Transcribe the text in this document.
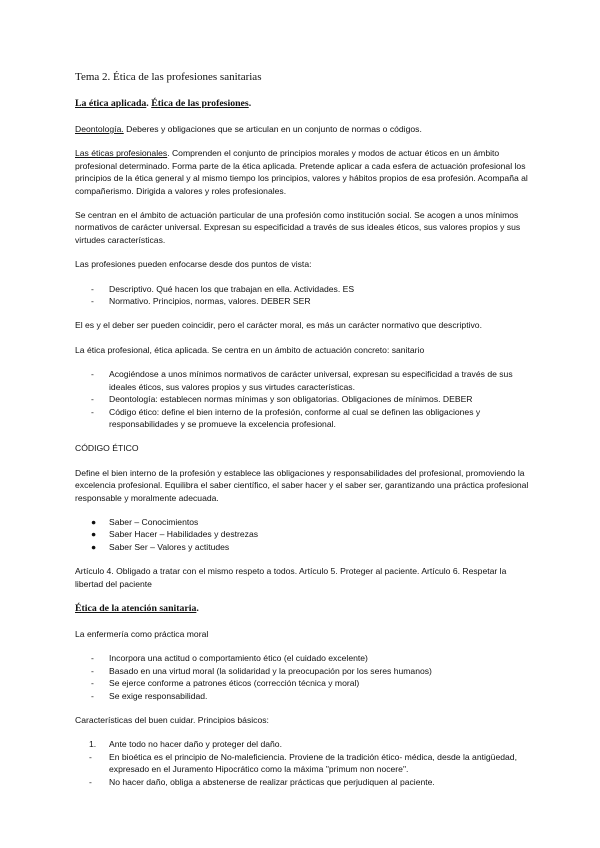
Tema 2. Ética de las profesiones sanitarias
La ética aplicada. Ética de las profesiones.

Deontología. Deberes y obligaciones que se articulan en un conjunto de normas o códigos.

Las éticas profesionales. Comprenden el conjunto de principios morales y modos de actuar éticos en un ámbito profesional determinado. Forma parte de la ética aplicada. Pretende aplicar a cada esfera de actuación profesional los principios de la ética general y al mismo tiempo los principios, valores y hábitos propios de esa profesión. Acompaña al compañerismo. Dirigida a valores y roles profesionales.

Se centran en el ámbito de actuación particular de una profesión como institución social. Se acogen a unos mínimos normativos de carácter universal. Expresan su especificidad a través de sus ideales éticos, sus valores propios y sus virtudes características.

Las profesiones pueden enfocarse desde dos puntos de vista:

- Descriptivo. Qué hacen los que trabajan en ella. Actividades. ES
- Normativo. Principios, normas, valores. DEBER SER

El es y el deber ser pueden coincidir, pero el carácter moral, es más un carácter normativo que descriptivo.

La ética profesional, ética aplicada. Se centra en un ámbito de actuación concreto: sanitario

- Acogiéndose a unos mínimos normativos de carácter universal, expresan su especificidad a través de sus ideales éticos, sus valores propios y sus virtudes características.
- Deontología: establecen normas mínimas y son obligatorias. Obligaciones de mínimos. DEBER
- Código ético: define el bien interno de la profesión, conforme al cual se definen las obligaciones y responsabilidades y se promueve la excelencia profesional.

CÓDIGO ÉTICO

Define el bien interno de la profesión y establece las obligaciones y responsabilidades del profesional, promoviendo la excelencia profesional. Equilibra el saber científico, el saber hacer y el saber ser, garantizando una práctica profesional responsable y moralmente adecuada.

● Saber – Conocimientos
● Saber Hacer – Habilidades y destrezas
● Saber Ser – Valores y actitudes

Artículo 4. Obligado a tratar con el mismo respeto a todos. Artículo 5. Proteger al paciente. Artículo 6. Respetar la libertad del paciente

Ética de la atención sanitaria.

La enfermería como práctica moral

- Incorpora una actitud o comportamiento ético (el cuidado excelente)
- Basado en una virtud moral (la solidaridad y la preocupación por los seres humanos)
- Se ejerce conforme a patrones éticos (corrección técnica y moral)
- Se exige responsabilidad.

Características del buen cuidar. Principios básicos:

1. Ante todo no hacer daño y proteger del daño.
- En bioética es el principio de No-maleficiencia. Proviene de la tradición ético- médica, desde la antigüedad, expresado en el Juramento Hipocrático como la máxima "primum non nocere".
- No hacer daño, obliga a abstenerse de realizar prácticas que perjudiquen al paciente.
